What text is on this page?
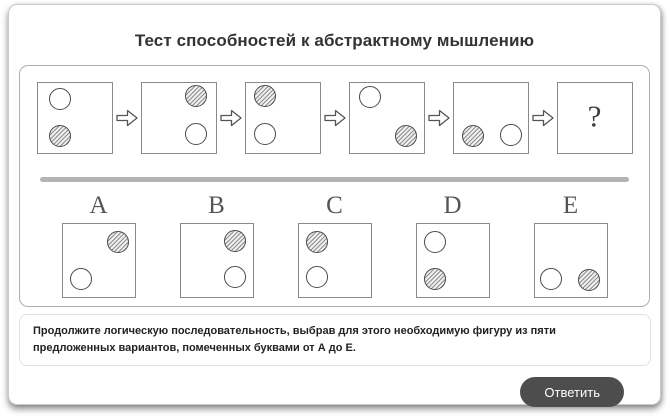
Тест способностей к абстрактному мышлению
?
A	B	C	D	E
Продолжите логическую последовательность, выбрав для этого необходимую фигуру из пяти предложенных вариантов, помеченных буквами от А до Е.
Ответить
